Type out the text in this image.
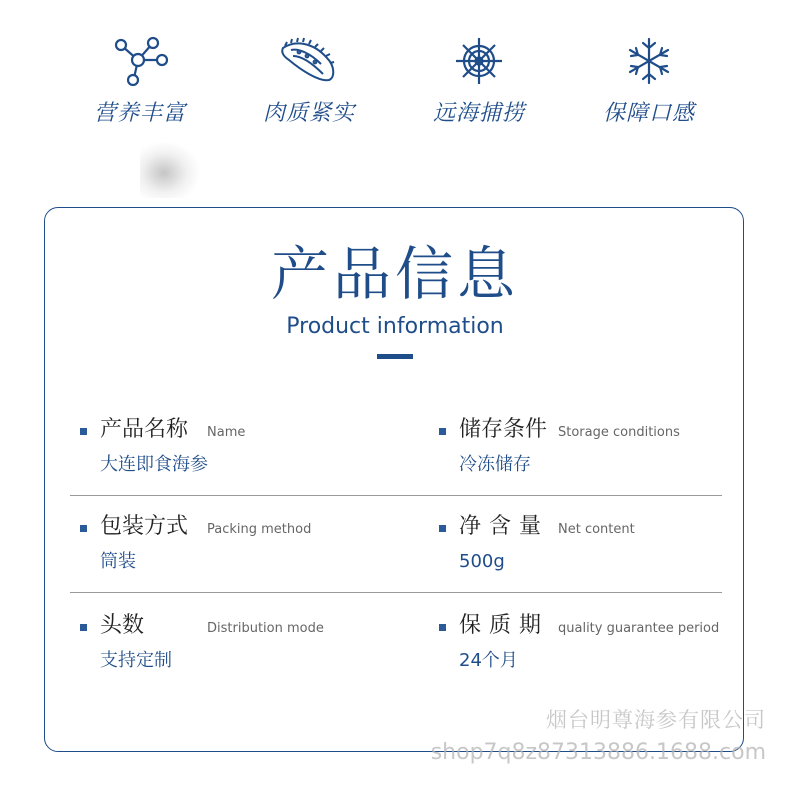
营养丰富	肉质紧实	远海捕捞	保障口感
产品信息
Product information
产品名称 Name
大连即食海参
储存条件 Storage conditions
冷冻储存
包装方式 Packing method
筒装
净含量 Net content
500g
头数	Distribution mode
支持定制
保质期 quality guarantee period
24个月
烟台明尊海参有限公司
shop7q8z87313886.1688.com
